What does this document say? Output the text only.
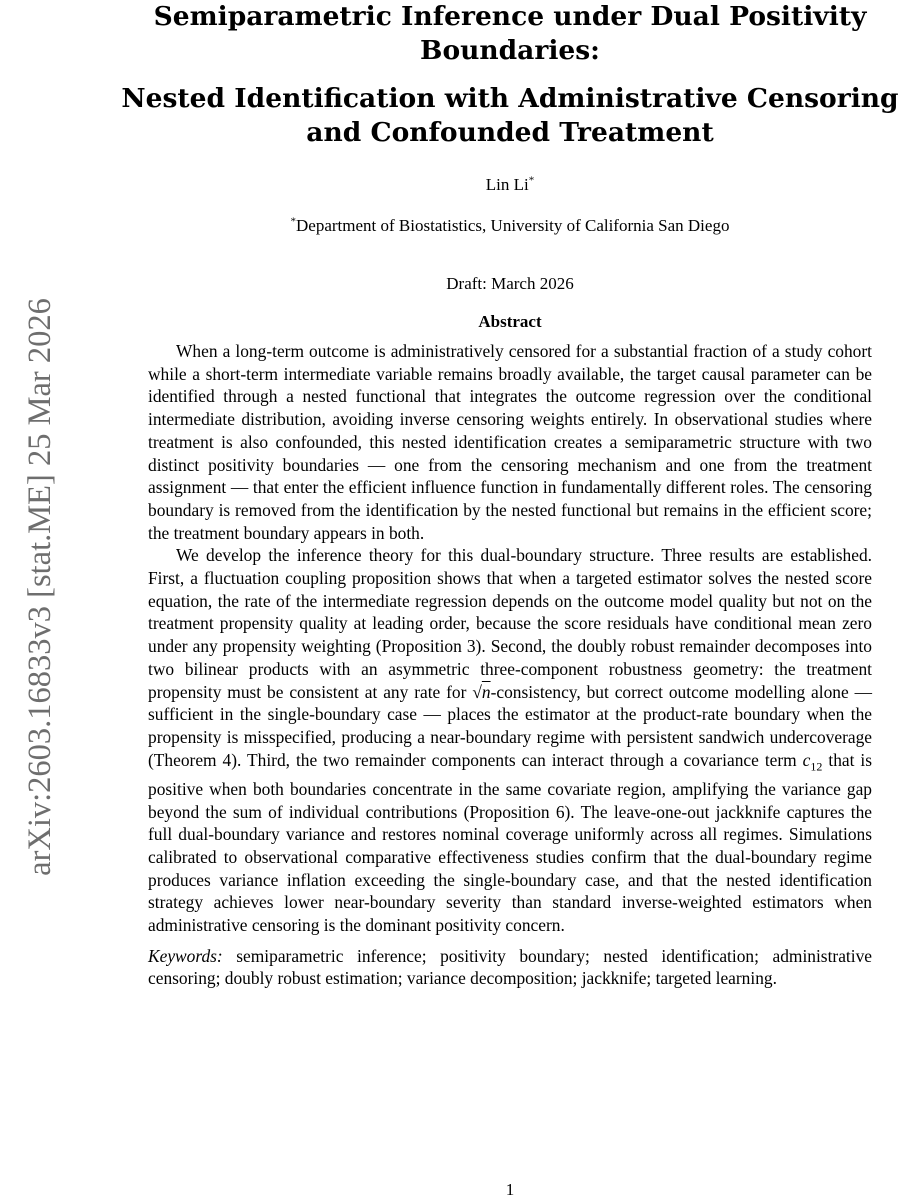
arXiv:2603.16833v3 [stat.ME] 25 Mar 2026
Semiparametric Inference under Dual Positivity
Boundaries:
Nested Identification with Administrative Censoring
and Confounded Treatment
Lin Li*
*Department of Biostatistics, University of California San Diego
Draft: March 2026
Abstract

When a long-term outcome is administratively censored for a substantial fraction of a study cohort while a short-term intermediate variable remains broadly available, the target causal parameter can be identified through a nested functional that integrates the outcome regression over the conditional intermediate distribution, avoiding inverse censoring weights entirely. In observational studies where treatment is also confounded, this nested identification creates a semiparametric structure with two distinct positivity boundaries — one from the censoring mechanism and one from the treatment assignment — that enter the efficient influence function in fundamentally different roles. The censoring boundary is removed from the identification by the nested functional but remains in the efficient score; the treatment boundary appears in both.

We develop the inference theory for this dual-boundary structure. Three results are established. First, a fluctuation coupling proposition shows that when a targeted estimator solves the nested score equation, the rate of the intermediate regression depends on the outcome model quality but not on the treatment propensity quality at leading order, because the score residuals have conditional mean zero under any propensity weighting (Proposition 3). Second, the doubly robust remainder decomposes into two bilinear products with an asymmetric three-component robustness geometry: the treatment propensity must be consistent at any rate for √n-consistency, but correct outcome modelling alone — sufficient in the single-boundary case — places the estimator at the product-rate boundary when the propensity is misspecified, producing a near-boundary regime with persistent sandwich undercoverage (Theorem 4). Third, the two remainder components can interact through a covariance term $c_{12}$ that is positive when both boundaries concentrate in the same covariate region, amplifying the variance gap beyond the sum of individual contributions (Proposition 6). The leave-one-out jackknife captures the full dual-boundary variance and restores nominal coverage uniformly across all regimes. Simulations calibrated to observational comparative effectiveness studies confirm that the dual-boundary regime produces variance inflation exceeding the single-boundary case, and that the nested identification strategy achieves lower near-boundary severity than standard inverse-weighted estimators when administrative censoring is the dominant positivity concern.

Keywords: semiparametric inference; positivity boundary; nested identification; administrative censoring; doubly robust estimation; variance decomposition; jackknife; targeted learning.

1
